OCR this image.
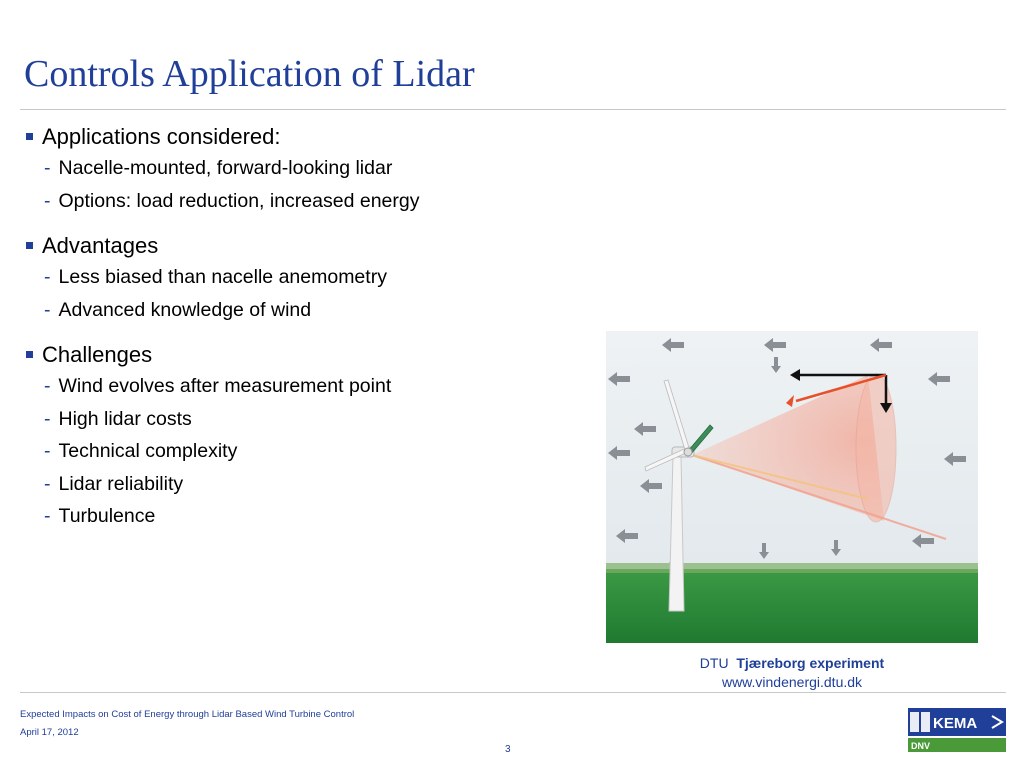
Controls Application of Lidar
Applications considered:
- Nacelle-mounted, forward-looking lidar
- Options: load reduction, increased energy
Advantages
- Less biased than nacelle anemometry
- Advanced knowledge of wind
Challenges
- Wind evolves after measurement point
- High lidar costs
- Technical complexity
- Lidar reliability
- Turbulence
DTU Tjæreborg experiment
www.vindenergi.dtu.dk
Expected Impacts on Cost of Energy through Lidar Based Wind Turbine Control
April 17, 2012
3
KEMA
DNV
